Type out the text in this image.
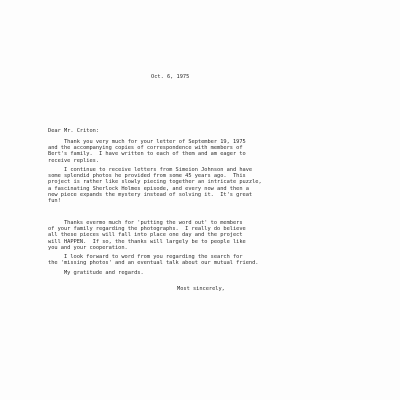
Oct. 6, 1975
Dear Mr. Criton:

Thank you very much for your letter of September 19, 1975
and the accompanying copies of correspondence with members of
Bert's family.  I have written to each of them and am eager to
receive replies.

I continue to receive letters from Simeion Johnson and have
some splendid photos he provided from some 45 years ago.  This
project is rather like slowly piecing together an intricate puzzle,
a fascinating Sherlock Holmes episode, and every now and then a
new piece expands the mystery instead of solving it.  It's great
fun!

Thanks evermo much for 'putting the word out' to members
of your family regarding the photographs.  I really do believe
all these pieces will fall into place one day and the project
will HAPPEN.  If so, the thanks will largely be to people like
you and your cooperation.

I look forward to word from you regarding the search for
the 'missing photos' and an eventual talk about our mutual friend.

My gratitude and regards.

Most sincerely,
